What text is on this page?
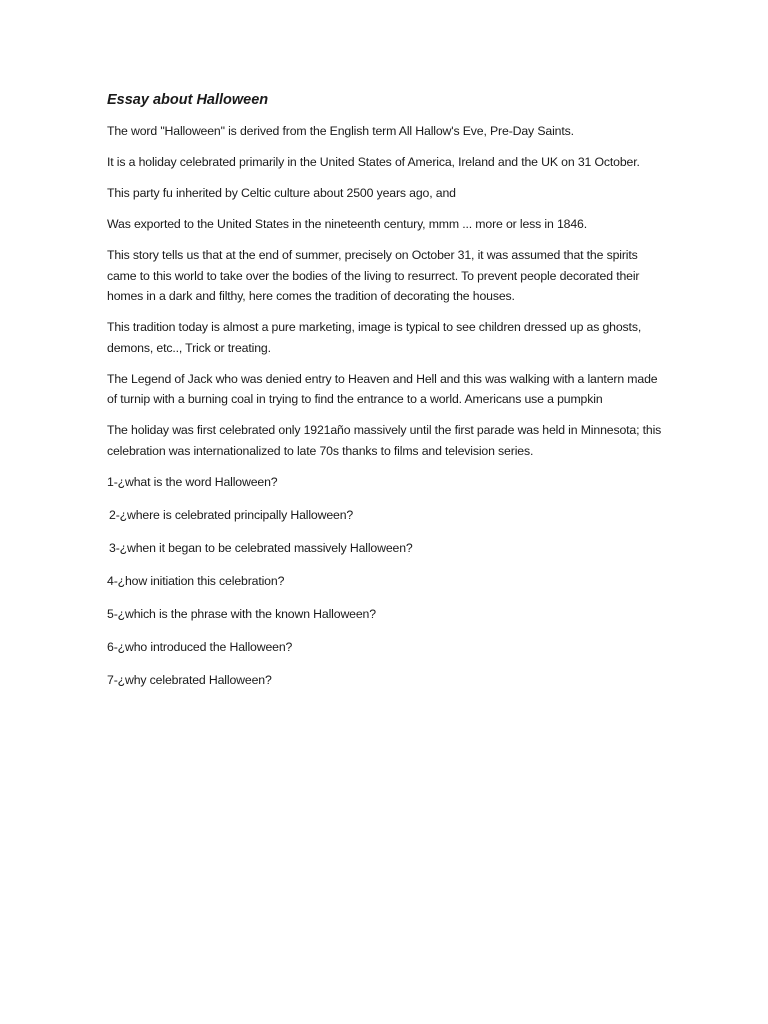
Essay about Halloween

The word "Halloween" is derived from the English term All Hallow's Eve, Pre-Day Saints.

It is a holiday celebrated primarily in the United States of America, Ireland and the UK on 31 October.

This party fu inherited by Celtic culture about 2500 years ago, and

Was exported to the United States in the nineteenth century, mmm ... more or less in 1846.

This story tells us that at the end of summer, precisely on October 31, it was assumed that the spirits came to this world to take over the bodies of the living to resurrect. To prevent people decorated their homes in a dark and filthy, here comes the tradition of decorating the houses.

This tradition today is almost a pure marketing, image is typical to see children dressed up as ghosts, demons, etc.., Trick or treating.

The Legend of Jack who was denied entry to Heaven and Hell and this was walking with a lantern made of turnip with a burning coal in trying to find the entrance to a world. Americans use a pumpkin

The holiday was first celebrated only 1921año massively until the first parade was held in Minnesota; this celebration was internationalized to late 70s thanks to films and television series.

1-¿what is the word Halloween?

2-¿where is celebrated principally Halloween?

3-¿when it began to be celebrated massively Halloween?

4-¿how initiation this celebration?

5-¿which is the phrase with the known Halloween?

6-¿who introduced the Halloween?

7-¿why celebrated Halloween?
